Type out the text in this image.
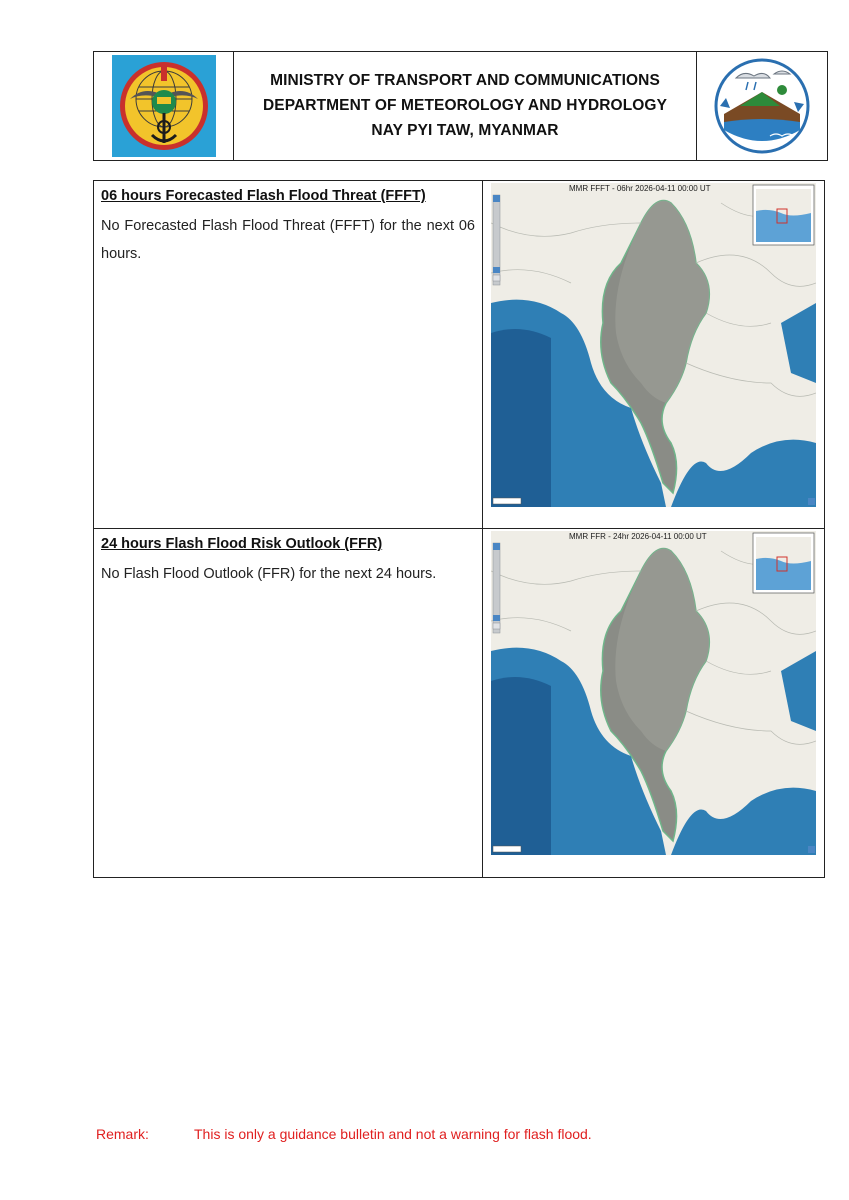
MINISTRY OF TRANSPORT AND COMMUNICATIONS
DEPARTMENT OF METEOROLOGY AND HYDROLOGY
NAY PYI TAW, MYANMAR
06 hours Forecasted Flash Flood Threat (FFFT)
No Forecasted Flash Flood Threat (FFFT) for the next 06 hours.
MMR FFFT - 06hr 2026-04-11 00:00 UT
24 hours Flash Flood Risk Outlook (FFR)
No Flash Flood Outlook (FFR) for the next 24 hours.
MMR FFR - 24hr 2026-04-11 00:00 UT
Remark:	This is only a guidance bulletin and not a warning for flash flood.
